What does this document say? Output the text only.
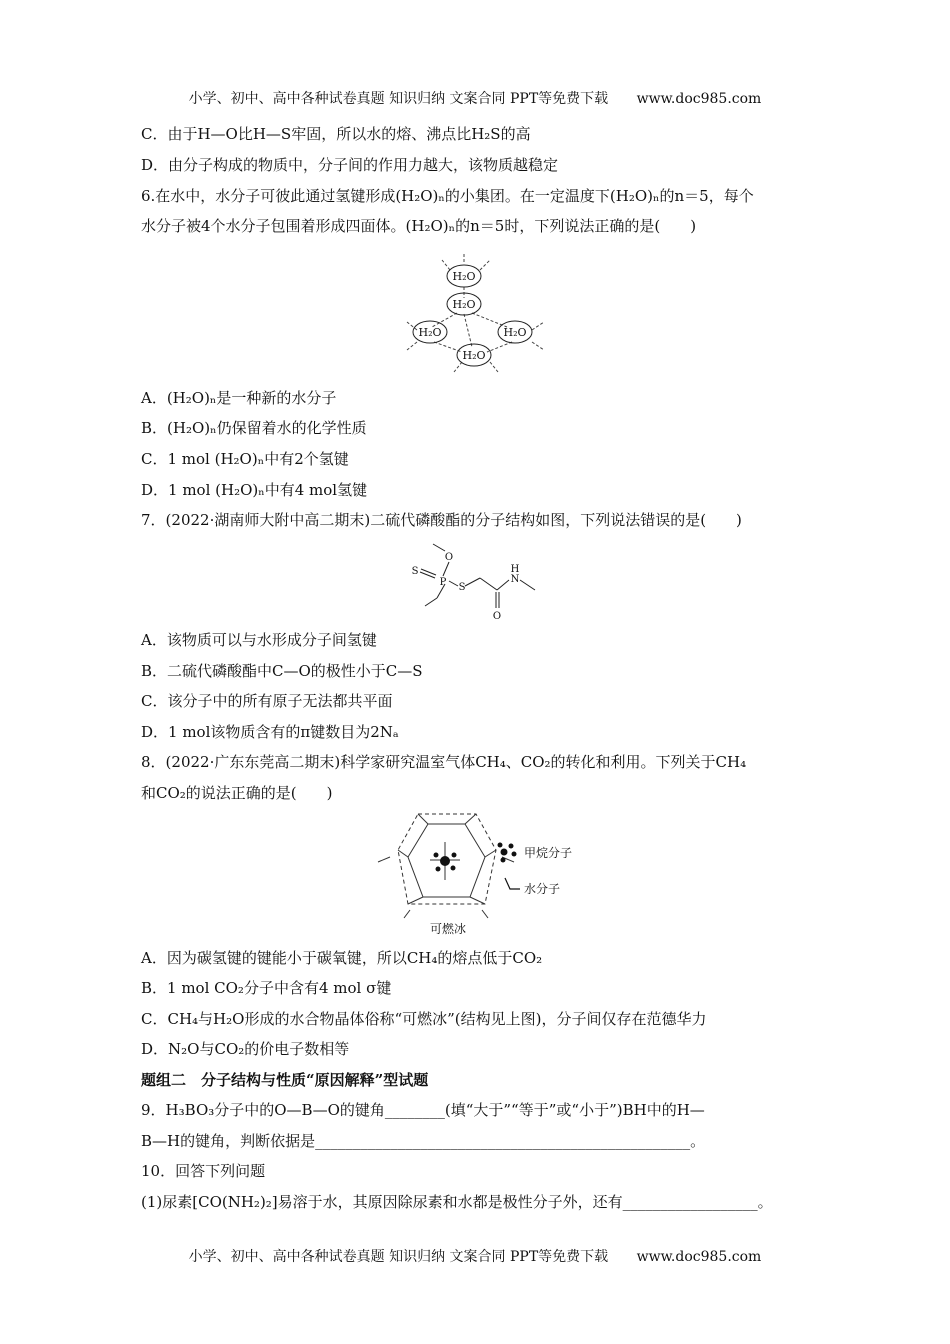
小学、初中、高中各种试卷真题 知识归纳 文案合同 PPT等免费下载 www.doc985.com
C．由于H—O比H—S牢固，所以水的熔、沸点比H₂S的高
D．由分子构成的物质中，分子间的作用力越大，该物质越稳定
6.在水中，水分子可彼此通过氢键形成(H₂O)ₙ的小集团。在一定温度下(H₂O)ₙ的n＝5，每个
水分子被4个水分子包围着形成四面体。(H₂O)ₙ的n＝5时，下列说法正确的是(　　)
H₂O
H₂O
H₂O	H₂O
H₂O
A．(H₂O)ₙ是一种新的水分子
B．(H₂O)ₙ仍保留着水的化学性质
C．1 mol (H₂O)ₙ中有2个氢键
D．1 mol (H₂O)ₙ中有4 mol氢键
7．(2022·湖南师大附中高二期末)二硫代磷酸酯的分子结构如图，下列说法错误的是(　　)
S
P
O
S
N
H
O
A．该物质可以与水形成分子间氢键
B．二硫代磷酸酯中C—O的极性小于C—S
C．该分子中的所有原子无法都共平面
D．1 mol该物质含有的π键数目为2Nₐ
8．(2022·广东东莞高二期末)科学家研究温室气体CH₄、CO₂的转化和利用。下列关于CH₄
和CO₂的说法正确的是(　　)
甲烷分子
水分子
可燃冰
A．因为碳氢键的键能小于碳氧键，所以CH₄的熔点低于CO₂
B．1 mol CO₂分子中含有4 mol σ键
C．CH₄与H₂O形成的水合物晶体俗称“可燃冰”(结构见上图)，分子间仅存在范德华力
D．N₂O与CO₂的价电子数相等
题组二　分子结构与性质“原因解释”型试题
9．H₃BO₃分子中的O—B—O的键角________(填“大于”“等于”或“小于”)BH中的H—
B—H的键角，判断依据是__________________________________________________。
10．回答下列问题
(1)尿素[CO(NH₂)₂]易溶于水，其原因除尿素和水都是极性分子外，还有__________________。
小学、初中、高中各种试卷真题 知识归纳 文案合同 PPT等免费下载 www.doc985.com
